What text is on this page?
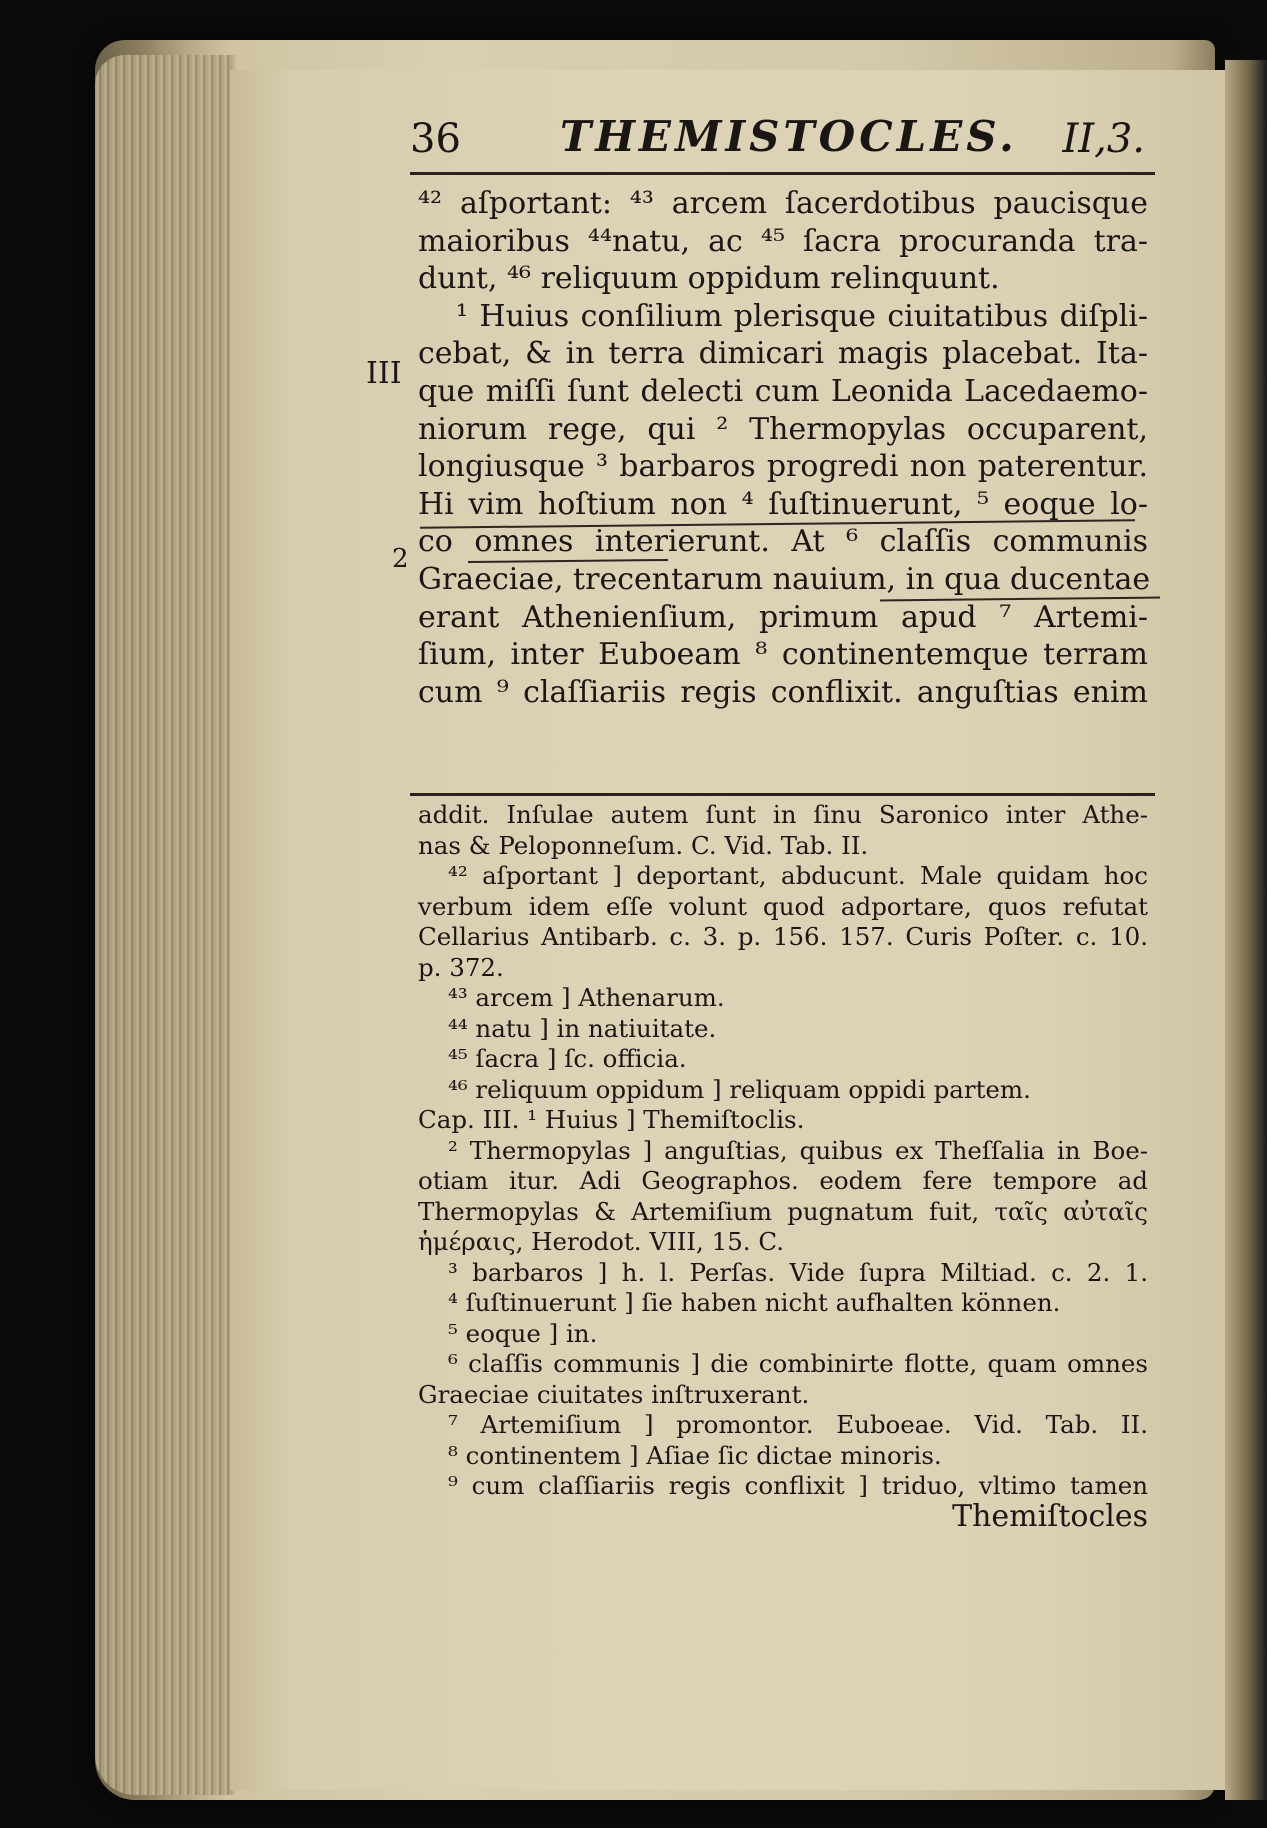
36 THEMISTOCLES. II,3.
III
2
⁴² aſportant: ⁴³ arcem ſacerdotibus paucisque
maioribus ⁴⁴natu, ac ⁴⁵ ſacra procuranda tra-
dunt, ⁴⁶ reliquum oppidum relinquunt.
¹ Huius conſilium plerisque ciuitatibus diſpli-
cebat, & in terra dimicari magis placebat. Ita-
que miſſi ſunt delecti cum Leonida Lacedaemo-
niorum rege, qui ² Thermopylas occuparent,
longiusque ³ barbaros progredi non paterentur.
Hi vim hoſtium non ⁴ ſuſtinuerunt, ⁵ eoque lo-
co omnes interierunt. At ⁶ claſſis communis
Graeciae, trecentarum nauium, in qua ducentae
erant Athenienſium, primum apud ⁷ Artemi-
ſium, inter Euboeam ⁸ continentemque terram
cum ⁹ claſſiariis regis conflixit. anguſtias enim
addit. Inſulae autem ſunt in ſinu Saronico inter Athe-
nas & Peloponneſum. C. Vid. Tab. II.
⁴² aſportant ] deportant, abducunt. Male quidam hoc
verbum idem eſſe volunt quod adportare, quos refutat
Cellarius Antibarb. c. 3. p. 156. 157. Curis Poſter. c. 10.
p. 372.
⁴³ arcem ] Athenarum.
⁴⁴ natu ] in natiuitate.
⁴⁵ ſacra ] ſc. officia.
⁴⁶ reliquum oppidum ] reliquam oppidi partem.
Cap. III. ¹ Huius ] Themiſtoclis.
² Thermopylas ] anguſtias, quibus ex Theſſalia in Boe-
otiam itur. Adi Geographos. eodem fere tempore ad
Thermopylas & Artemiſium pugnatum fuit, ταῖς αὐταῖς
ἡμέραις, Herodot. VIII, 15. C.
³ barbaros ] h. l. Perſas. Vide ſupra Miltiad. c. 2. 1.
⁴ ſuſtinuerunt ] ſie haben nicht aufhalten können.
⁵ eoque ] in.
⁶ claſſis communis ] die combinirte flotte, quam omnes
Graeciae ciuitates inſtruxerant.
⁷ Artemiſium ] promontor. Euboeae. Vid. Tab. II.
⁸ continentem ] Aſiae ſic dictae minoris.
⁹ cum claſſiariis regis conflixit ] triduo, vltimo tamen
Themiſtocles
